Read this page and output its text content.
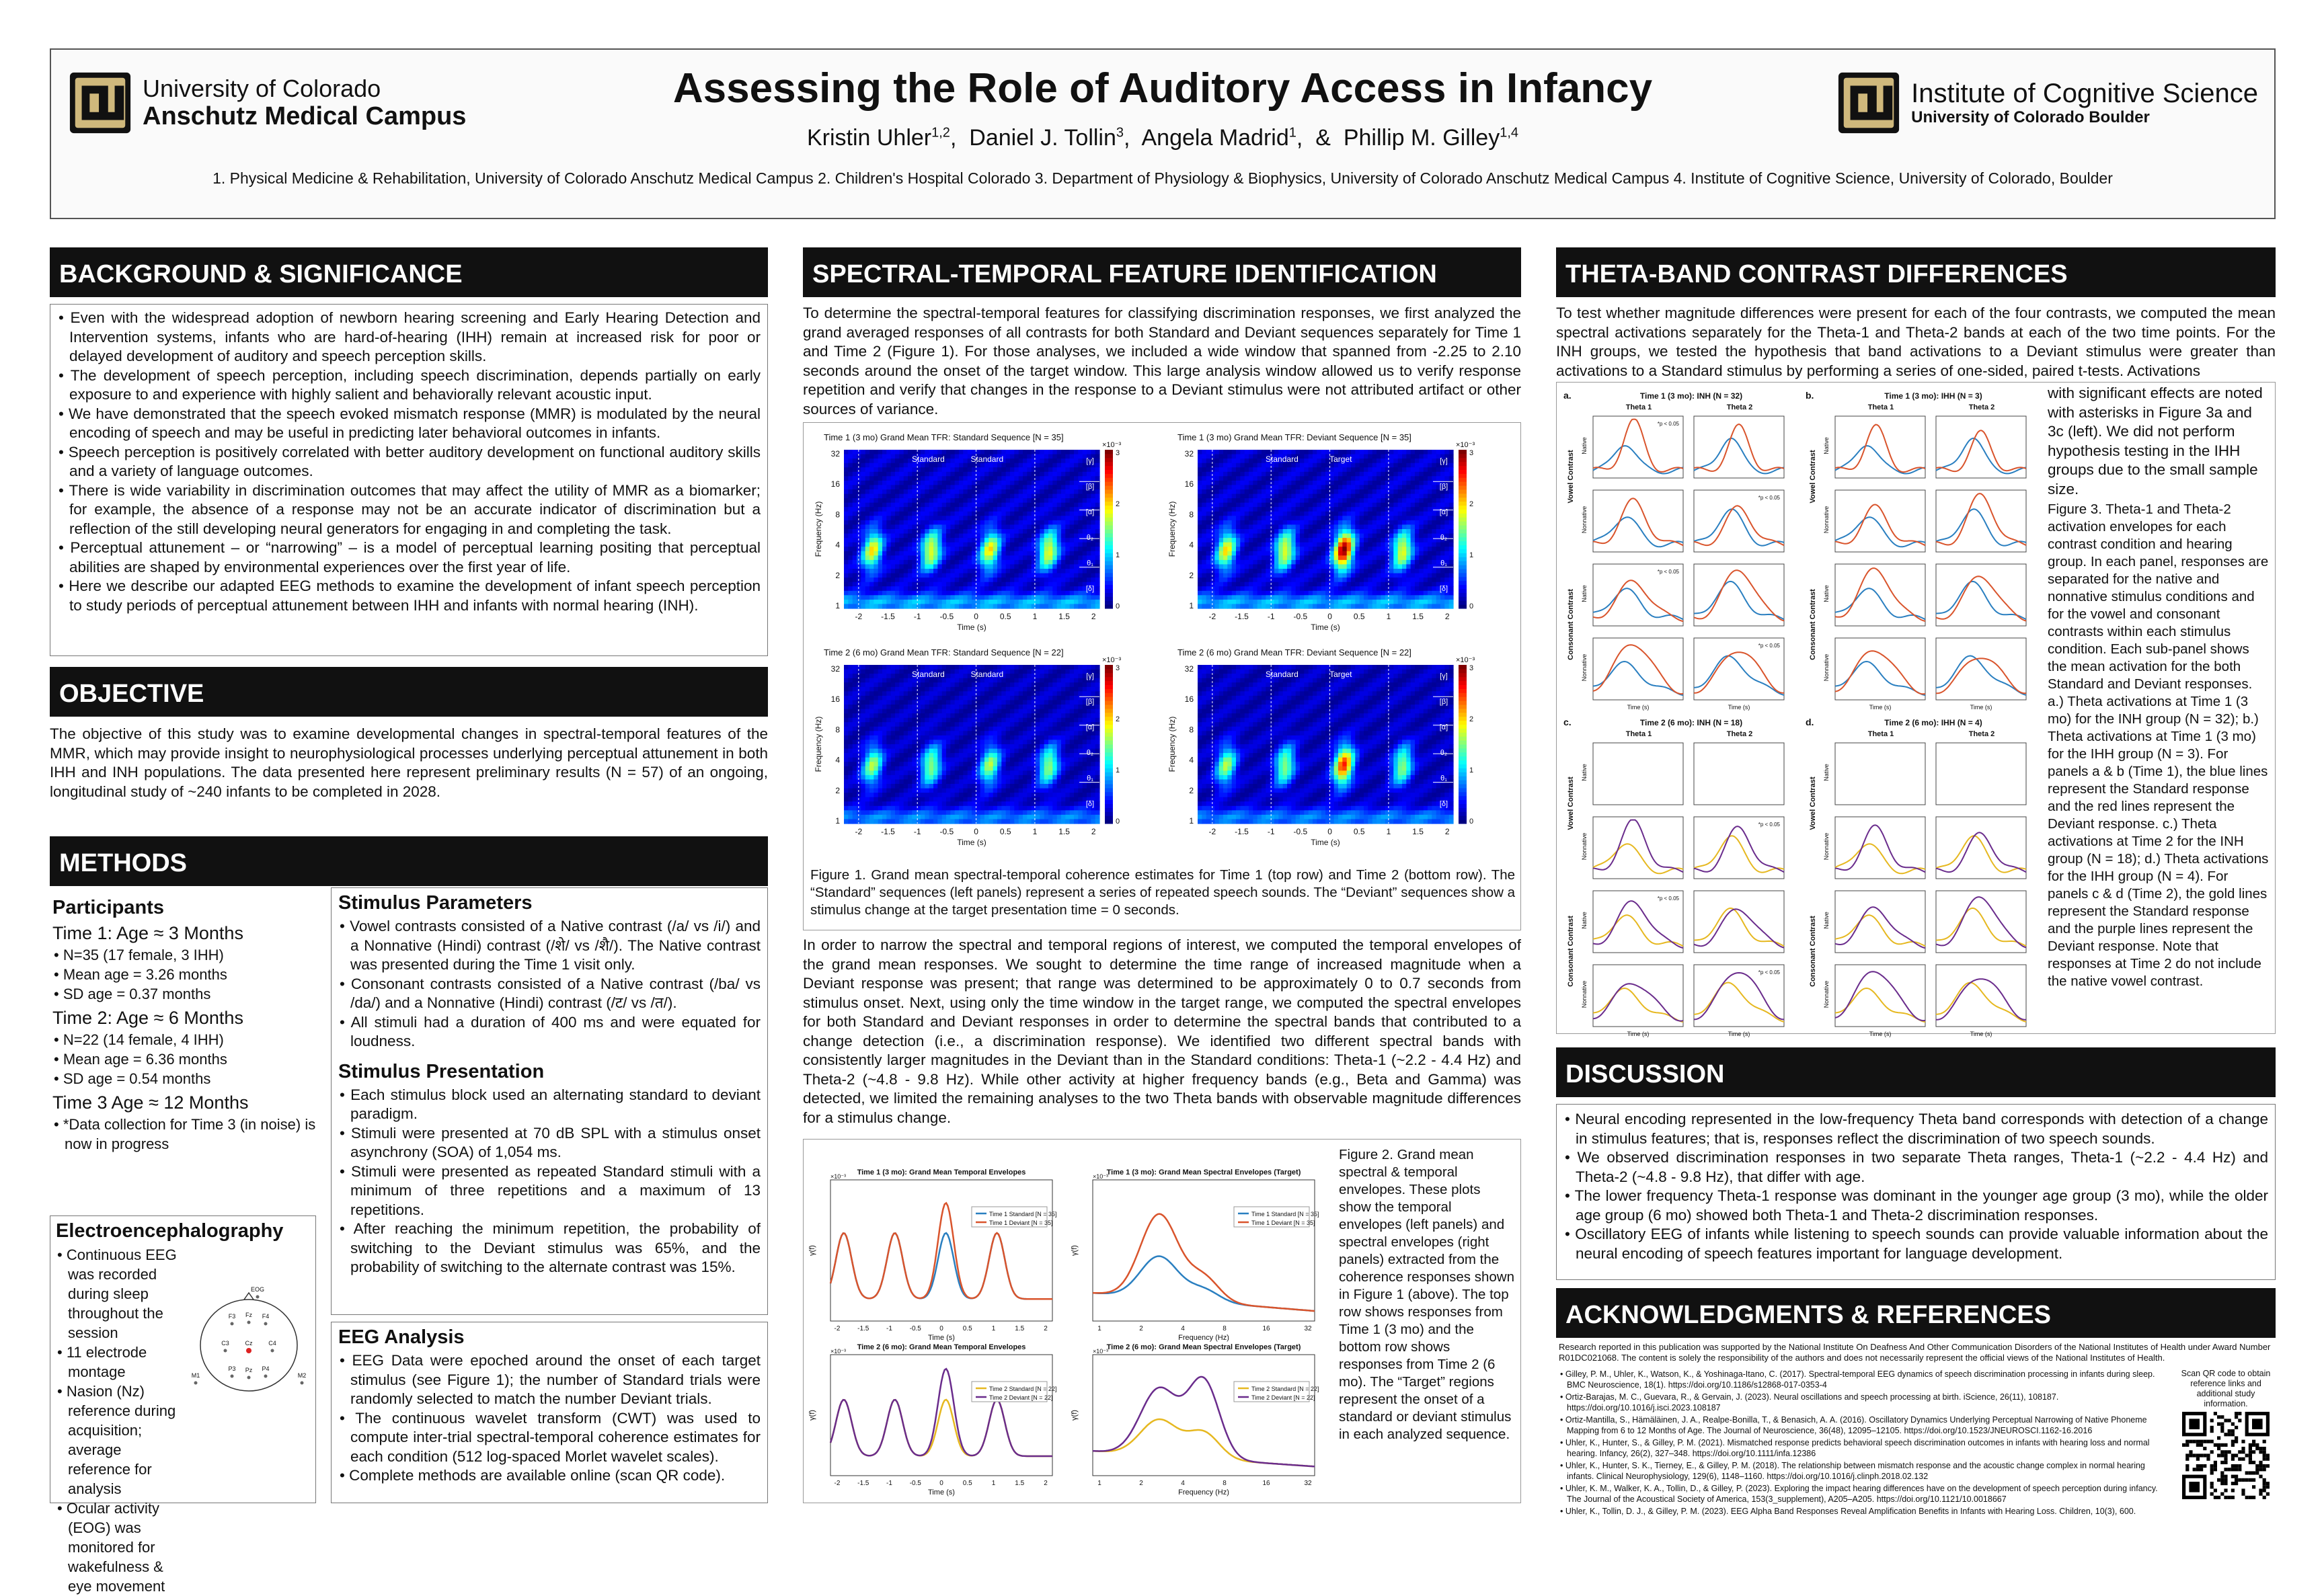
University of Colorado
Anschutz Medical Campus
Assessing the Role of Auditory Access in Infancy
Kristin Uhler$^{1,2}$, Daniel J. Tollin$^3$, Angela Madrid$^1$, & Phillip M. Gilley$^{1,4}$
1. Physical Medicine & Rehabilitation, University of Colorado Anschutz Medical Campus 2. Children's Hospital Colorado 3. Department of Physiology & Biophysics, University of Colorado Anschutz Medical Campus 4. Institute of Cognitive Science, University of Colorado, Boulder
Institute of Cognitive Science
University of Colorado Boulder
BACKGROUND & SIGNIFICANCE
• Even with the widespread adoption of newborn hearing screening and Early Hearing Detection and Intervention systems, infants who are hard-of-hearing (IHH) remain at increased risk for poor or delayed development of auditory and speech perception skills.
• The development of speech perception, including speech discrimination, depends partially on early exposure to and experience with highly salient and behaviorally relevant acoustic input.
• We have demonstrated that the speech evoked mismatch response (MMR) is modulated by the neural encoding of speech and may be useful in predicting later behavioral outcomes in infants.
• Speech perception is positively correlated with better auditory development on functional auditory skills and a variety of language outcomes.
• There is wide variability in discrimination outcomes that may affect the utility of MMR as a biomarker; for example, the absence of a response may not be an accurate indicator of discrimination but a reflection of the still developing neural generators for engaging in and completing the task.
• Perceptual attunement – or “narrowing” – is a model of perceptual learning positing that perceptual abilities are shaped by environmental experiences over the first year of life.
• Here we describe our adapted EEG methods to examine the development of infant speech perception to study periods of perceptual attunement between IHH and infants with normal hearing (INH).
OBJECTIVE
The objective of this study was to examine developmental changes in spectral-temporal features of the MMR, which may provide insight to neurophysiological processes underlying perceptual attunement in both IHH and INH populations. The data presented here represent preliminary results (N = 57) of an ongoing, longitudinal study of ~240 infants to be completed in 2028.
METHODS
Participants
Time 1: Age ≈ 3 Months
• N=35 (17 female, 3 IHH)
• Mean age = 3.26 months
• SD age = 0.37 months
Time 2: Age ≈ 6 Months
• N=22 (14 female, 4 IHH)
• Mean age = 6.36 months
• SD age = 0.54 months
Time 3 Age ≈ 12 Months
• *Data collection for Time 3 (in noise) is now in progress
Electroencephalography
• Continuous EEG was recorded during sleep throughout the session
• 11 electrode montage
• Nasion (Nz) reference during acquisition; average reference for analysis
• Ocular activity (EOG) was monitored for wakefulness & eye movement
EOG
F3 Fz F4
C3	Cz	C4
P3 Pz P4
M1	M2
Stimulus Parameters
• Vowel contrasts consisted of a Native contrast (/a/ vs /i/) and a Nonnative (Hindi) contrast (/शे/ vs /शै/). The Native contrast was presented during the Time 1 visit only.
• Consonant contrasts consisted of a Native contrast (/ba/ vs /da/) and a Nonnative (Hindi) contrast (/ट/ vs /त/).
• All stimuli had a duration of 400 ms and were equated for loudness.
Stimulus Presentation
• Each stimulus block used an alternating standard to deviant paradigm.
• Stimuli were presented at 70 dB SPL with a stimulus onset asynchrony (SOA) of 1,054 ms.
• Stimuli were presented as repeated Standard stimuli with a minimum of three repetitions and a maximum of 13 repetitions.
• After reaching the minimum repetition, the probability of switching to the Deviant stimulus was 65%, and the probability of switching to the alternate contrast was 15%.
EEG Analysis
• EEG Data were epoched around the onset of each target stimulus (see Figure 1); the number of Standard trials were randomly selected to match the number Deviant trials.
• The continuous wavelet transform (CWT) was used to compute inter-trial spectral-temporal coherence estimates for each condition (512 log-spaced Morlet wavelet scales).
• Complete methods are available online (scan QR code).
SPECTRAL-TEMPORAL FEATURE IDENTIFICATION
To determine the spectral-temporal features for classifying discrimination responses, we first analyzed the grand averaged responses of all contrasts for both Standard and Deviant sequences separately for Time 1 and Time 2 (Figure 1). For those analyses, we included a wide window that spanned from -2.25 to 2.10 seconds around the onset of the target window. This large analysis window allowed us to verify response repetition and verify that changes in the response to a Deviant stimulus were not attributed artifact or other sources of variance.
Time 1 (3 mo) Grand Mean TFR: Standard Sequence [N = 35]
[γ]
[β]
[α]
θ₂
θ₁
[δ]
Standard	Standard
32
16
8
4
2
1
-2 -1.5 -1 -0.5 0	0.5	1	1.5	2
Time (s)
Frequency (Hz)
×10⁻³
3
2
1
0
Time 1 (3 mo) Grand Mean TFR: Deviant Sequence [N = 35]
[γ]
[β]
[α]
θ₂
θ₁
[δ]
Standard	Target
32
16
8
4
2
1
-2 -1.5 -1 -0.5 0	0.5	1	1.5	2
Time (s)
Frequency (Hz)
×10⁻³
3
2
1
0
Time 2 (6 mo) Grand Mean TFR: Standard Sequence [N = 22]
[γ]
[β]
[α]
θ₂
θ₁
[δ]
Standard	Standard
32
16
8
4
2
1
-2 -1.5 -1 -0.5 0	0.5	1	1.5	2
Time (s)
Frequency (Hz)
×10⁻³
3
2
1
0
Time 2 (6 mo) Grand Mean TFR: Deviant Sequence [N = 22]
[γ]
[β]
[α]
θ₂
θ₁
[δ]
Standard	Target
32
16
8
4
2
1
-2 -1.5 -1 -0.5 0	0.5	1	1.5	2
Time (s)
Frequency (Hz)
×10⁻³
3
2
1
0
Figure 1. Grand mean spectral-temporal coherence estimates for Time 1 (top row) and Time 2 (bottom row). The “Standard” sequences (left panels) represent a series of repeated speech sounds. The “Deviant” sequences show a stimulus change at the target presentation time = 0 seconds.
In order to narrow the spectral and temporal regions of interest, we computed the temporal envelopes of the grand mean responses. We sought to determine the time range of increased magnitude when a Deviant response was present; that range was determined to be approximately 0 to 0.7 seconds from stimulus onset. Next, using only the time window in the target range, we computed the spectral envelopes for both Standard and Deviant responses in order to determine the spectral bands that contributed to a change detection (i.e., a discrimination response). We identified two different spectral bands with consistently larger magnitudes in the Deviant than in the Standard conditions: Theta-1 (~2.2 - 4.4 Hz) and Theta-2 (~4.8 - 9.8 Hz). While other activity at higher frequency bands (e.g., Beta and Gamma) was detected, we limited the remaining analyses to the two Theta bands with observable magnitude differences for a stimulus change.
Time 1 (3 mo): Grand Mean Temporal Envelopes
Time 1 Standard [N = 35]
Time 1 Deviant [N = 35]
γ(f)
×10⁻³
Time (s)
-2	-1.5	-1	-0.5	0	0.5	1	1.5	2
Time 1 (3 mo): Grand Mean Spectral Envelopes (Target)
Time 1 Standard [N = 35]
Time 1 Deviant [N = 35]
γ(f)
×10⁻³
Frequency (Hz)
1	2	4	8	16	32
Time 2 (6 mo): Grand Mean Temporal Envelopes
Time 2 Standard [N = 22]
Time 2 Deviant [N = 22]
γ(f)
×10⁻³
Time (s)
-2	-1.5	-1	-0.5	0	0.5	1	1.5	2
Time 2 (6 mo): Grand Mean Spectral Envelopes (Target)
Time 2 Standard [N = 22]
Time 2 Deviant [N = 22]
γ(f)
×10⁻³
Frequency (Hz)
1	2	4	8	16	32
Figure 2. Grand mean spectral & temporal envelopes. These plots show the temporal envelopes (left panels) and spectral envelopes (right panels) extracted from the coherence responses shown in Figure 1 (above). The top row shows responses from Time 1 (3 mo) and the bottom row shows responses from Time 2 (6 mo). The “Target” regions represent the onset of a standard or deviant stimulus in each analyzed sequence.
THETA-BAND CONTRAST DIFFERENCES
To test whether magnitude differences were present for each of the four contrasts, we computed the mean spectral activations separately for the Theta-1 and Theta-2 bands at each of the two time points. For the INH groups, we tested the hypothesis that band activations to a Deviant stimulus were greater than activations to a Standard stimulus by performing a series of one-sided, paired t-tests. Activations
a.	Time 1 (3 mo): INH (N = 32)
Theta 1	Theta 2
Vowel Contrast
Consonant Contrast
Native
*p < 0.05
Nonnative
*p < 0.05
Native
*p < 0.05
Nonnative
Time (s)
*p < 0.05
Time (s)
b.	Time 1 (3 mo): IHH (N = 3)
Theta 1	Theta 2
Vowel Contrast
Consonant Contrast
Native
Nonnative
Native
Nonnative
Time (s)	Time (s)
c.	Time 2 (6 mo): INH (N = 18)
Theta 1	Theta 2
Vowel Contrast
Consonant Contrast
Native
Nonnative
*p < 0.05
Native
*p < 0.05
Nonnative
Time (s)
*p < 0.05
Time (s)
d.	Time 2 (6 mo): IHH (N = 4)
Theta 1	Theta 2
Vowel Contrast
Consonant Contrast
Native
Nonnative
Native
Nonnative
Time (s)	Time (s)
with significant effects are noted with asterisks in Figure 3a and 3c (left). We did not perform hypothesis testing in the IHH groups due to the small sample size.
Figure 3. Theta-1 and Theta-2 activation envelopes for each contrast condition and hearing group. In each panel, responses are separated for the native and nonnative stimulus conditions and for the vowel and consonant contrasts within each stimulus condition. Each sub-panel shows the mean activation for the both Standard and Deviant responses. a.) Theta activations at Time 1 (3 mo) for the INH group (N = 32); b.) Theta activations at Time 1 (3 mo) for the IHH group (N = 3). For panels a & b (Time 1), the blue lines represent the Standard response and the red lines represent the Deviant response. c.) Theta activations at Time 2 for the INH group (N = 18); d.) Theta activations for the IHH group (N = 4). For panels c & d (Time 2), the gold lines represent the Standard response and the purple lines represent the Deviant response. Note that responses at Time 2 do not include the native vowel contrast.
DISCUSSION
• Neural encoding represented in the low-frequency Theta band corresponds with detection of a change in stimulus features; that is, responses reflect the discrimination of two speech sounds.
• We observed discrimination responses in two separate Theta ranges, Theta-1 (~2.2 - 4.4 Hz) and Theta-2 (~4.8 - 9.8 Hz), that differ with age.
• The lower frequency Theta-1 response was dominant in the younger age group (3 mo), while the older age group (6 mo) showed both Theta-1 and Theta-2 discrimination responses.
• Oscillatory EEG of infants while listening to speech sounds can provide valuable information about the neural encoding of speech features important for language development.
ACKNOWLEDGMENTS & REFERENCES
Research reported in this publication was supported by the National Institute On Deafness And Other Communication Disorders of the National Institutes of Health under Award Number R01DC021068. The content is solely the responsibility of the authors and does not necessarily represent the official views of the National Institutes of Health.
• Gilley, P. M., Uhler, K., Watson, K., & Yoshinaga-Itano, C. (2017). Spectral-temporal EEG dynamics of speech discrimination processing in infants during sleep. BMC Neuroscience, 18(1). https://doi.org/10.1186/s12868-017-0353-4
• Ortiz-Barajas, M. C., Guevara, R., & Gervain, J. (2023). Neural oscillations and speech processing at birth. iScience, 26(11), 108187. https://doi.org/10.1016/j.isci.2023.108187
• Ortiz-Mantilla, S., Hämäläinen, J. A., Realpe-Bonilla, T., & Benasich, A. A. (2016). Oscillatory Dynamics Underlying Perceptual Narrowing of Native Phoneme Mapping from 6 to 12 Months of Age. The Journal of Neuroscience, 36(48), 12095–12105. https://doi.org/10.1523/JNEUROSCI.1162-16.2016
• Uhler, K., Hunter, S., & Gilley, P. M. (2021). Mismatched response predicts behavioral speech discrimination outcomes in infants with hearing loss and normal hearing. Infancy, 26(2), 327–348. https://doi.org/10.1111/infa.12386
• Uhler, K., Hunter, S. K., Tierney, E., & Gilley, P. M. (2018). The relationship between mismatch response and the acoustic change complex in normal hearing infants. Clinical Neurophysiology, 129(6), 1148–1160. https://doi.org/10.1016/j.clinph.2018.02.132
• Uhler, K. M., Walker, K. A., Tollin, D., & Gilley, P. (2023). Exploring the impact hearing differences have on the development of speech perception during infancy. The Journal of the Acoustical Society of America, 153(3_supplement), A205–A205. https://doi.org/10.1121/10.0018667
• Uhler, K., Tollin, D. J., & Gilley, P. M. (2023). EEG Alpha Band Responses Reveal Amplification Benefits in Infants with Hearing Loss. Children, 10(3), 600.
Scan QR code to obtain reference links and additional study information.
